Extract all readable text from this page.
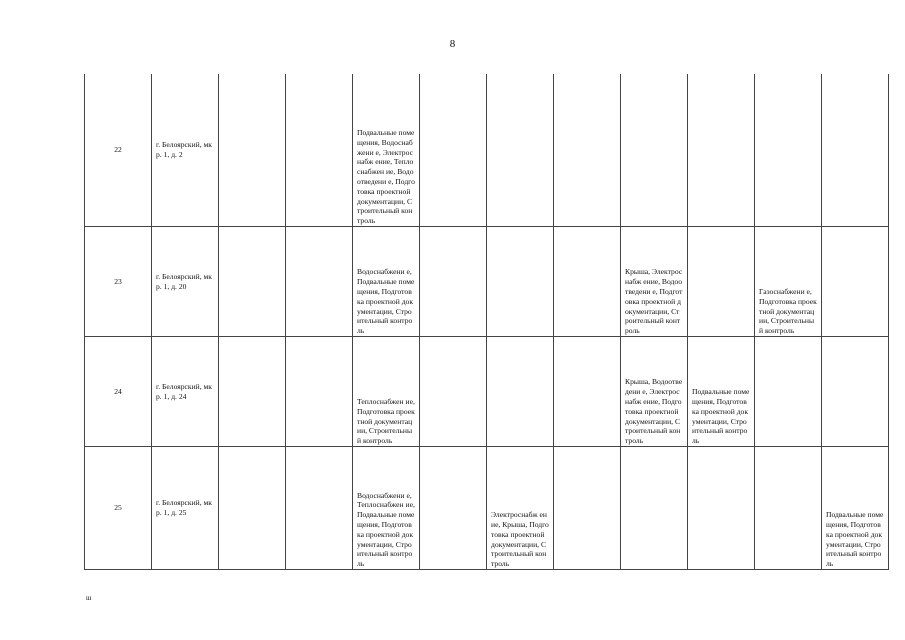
8
22	г. Белоярский, мкр. 1, д. 2			Подвальные помещения, Водоснабжени е, Электроснабж ение, Теплоснабжен ие, Водоотведени е, Подготовка проектной документации, Строительный контроль							
23	г. Белоярский, мкр. 1, д. 20			Водоснабжени е, Подвальные помещения, Подготовка проектной документации, Строительный контроль				Крыша, Электроснабж ение, Водоотведени е, Подготовка проектной документации, Строительный контроль		Газоснабжени е, Подготовка проектной документации, Строительный контроль	
24	г. Белоярский, мкр. 1, д. 24			Теплоснабжен ие, Подготовка проектной документации, Строительный контроль				Крыша, Водоотведени е, Электроснабж ение, Подготовка проектной документации, Строительный контроль	Подвальные помещения, Подготовка проектной документации, Строительный контроль		
25	г. Белоярский, мкр. 1, д. 25			Водоснабжени е, Теплоснабжен ие, Подвальные помещения, Подготовка проектной документации, Строительный контроль		Электроснабж ение, Крыша, Подготовка проектной документации, Строительный контроль					Подвальные помещения, Подготовка проектной документации, Строительный контроль
ш
